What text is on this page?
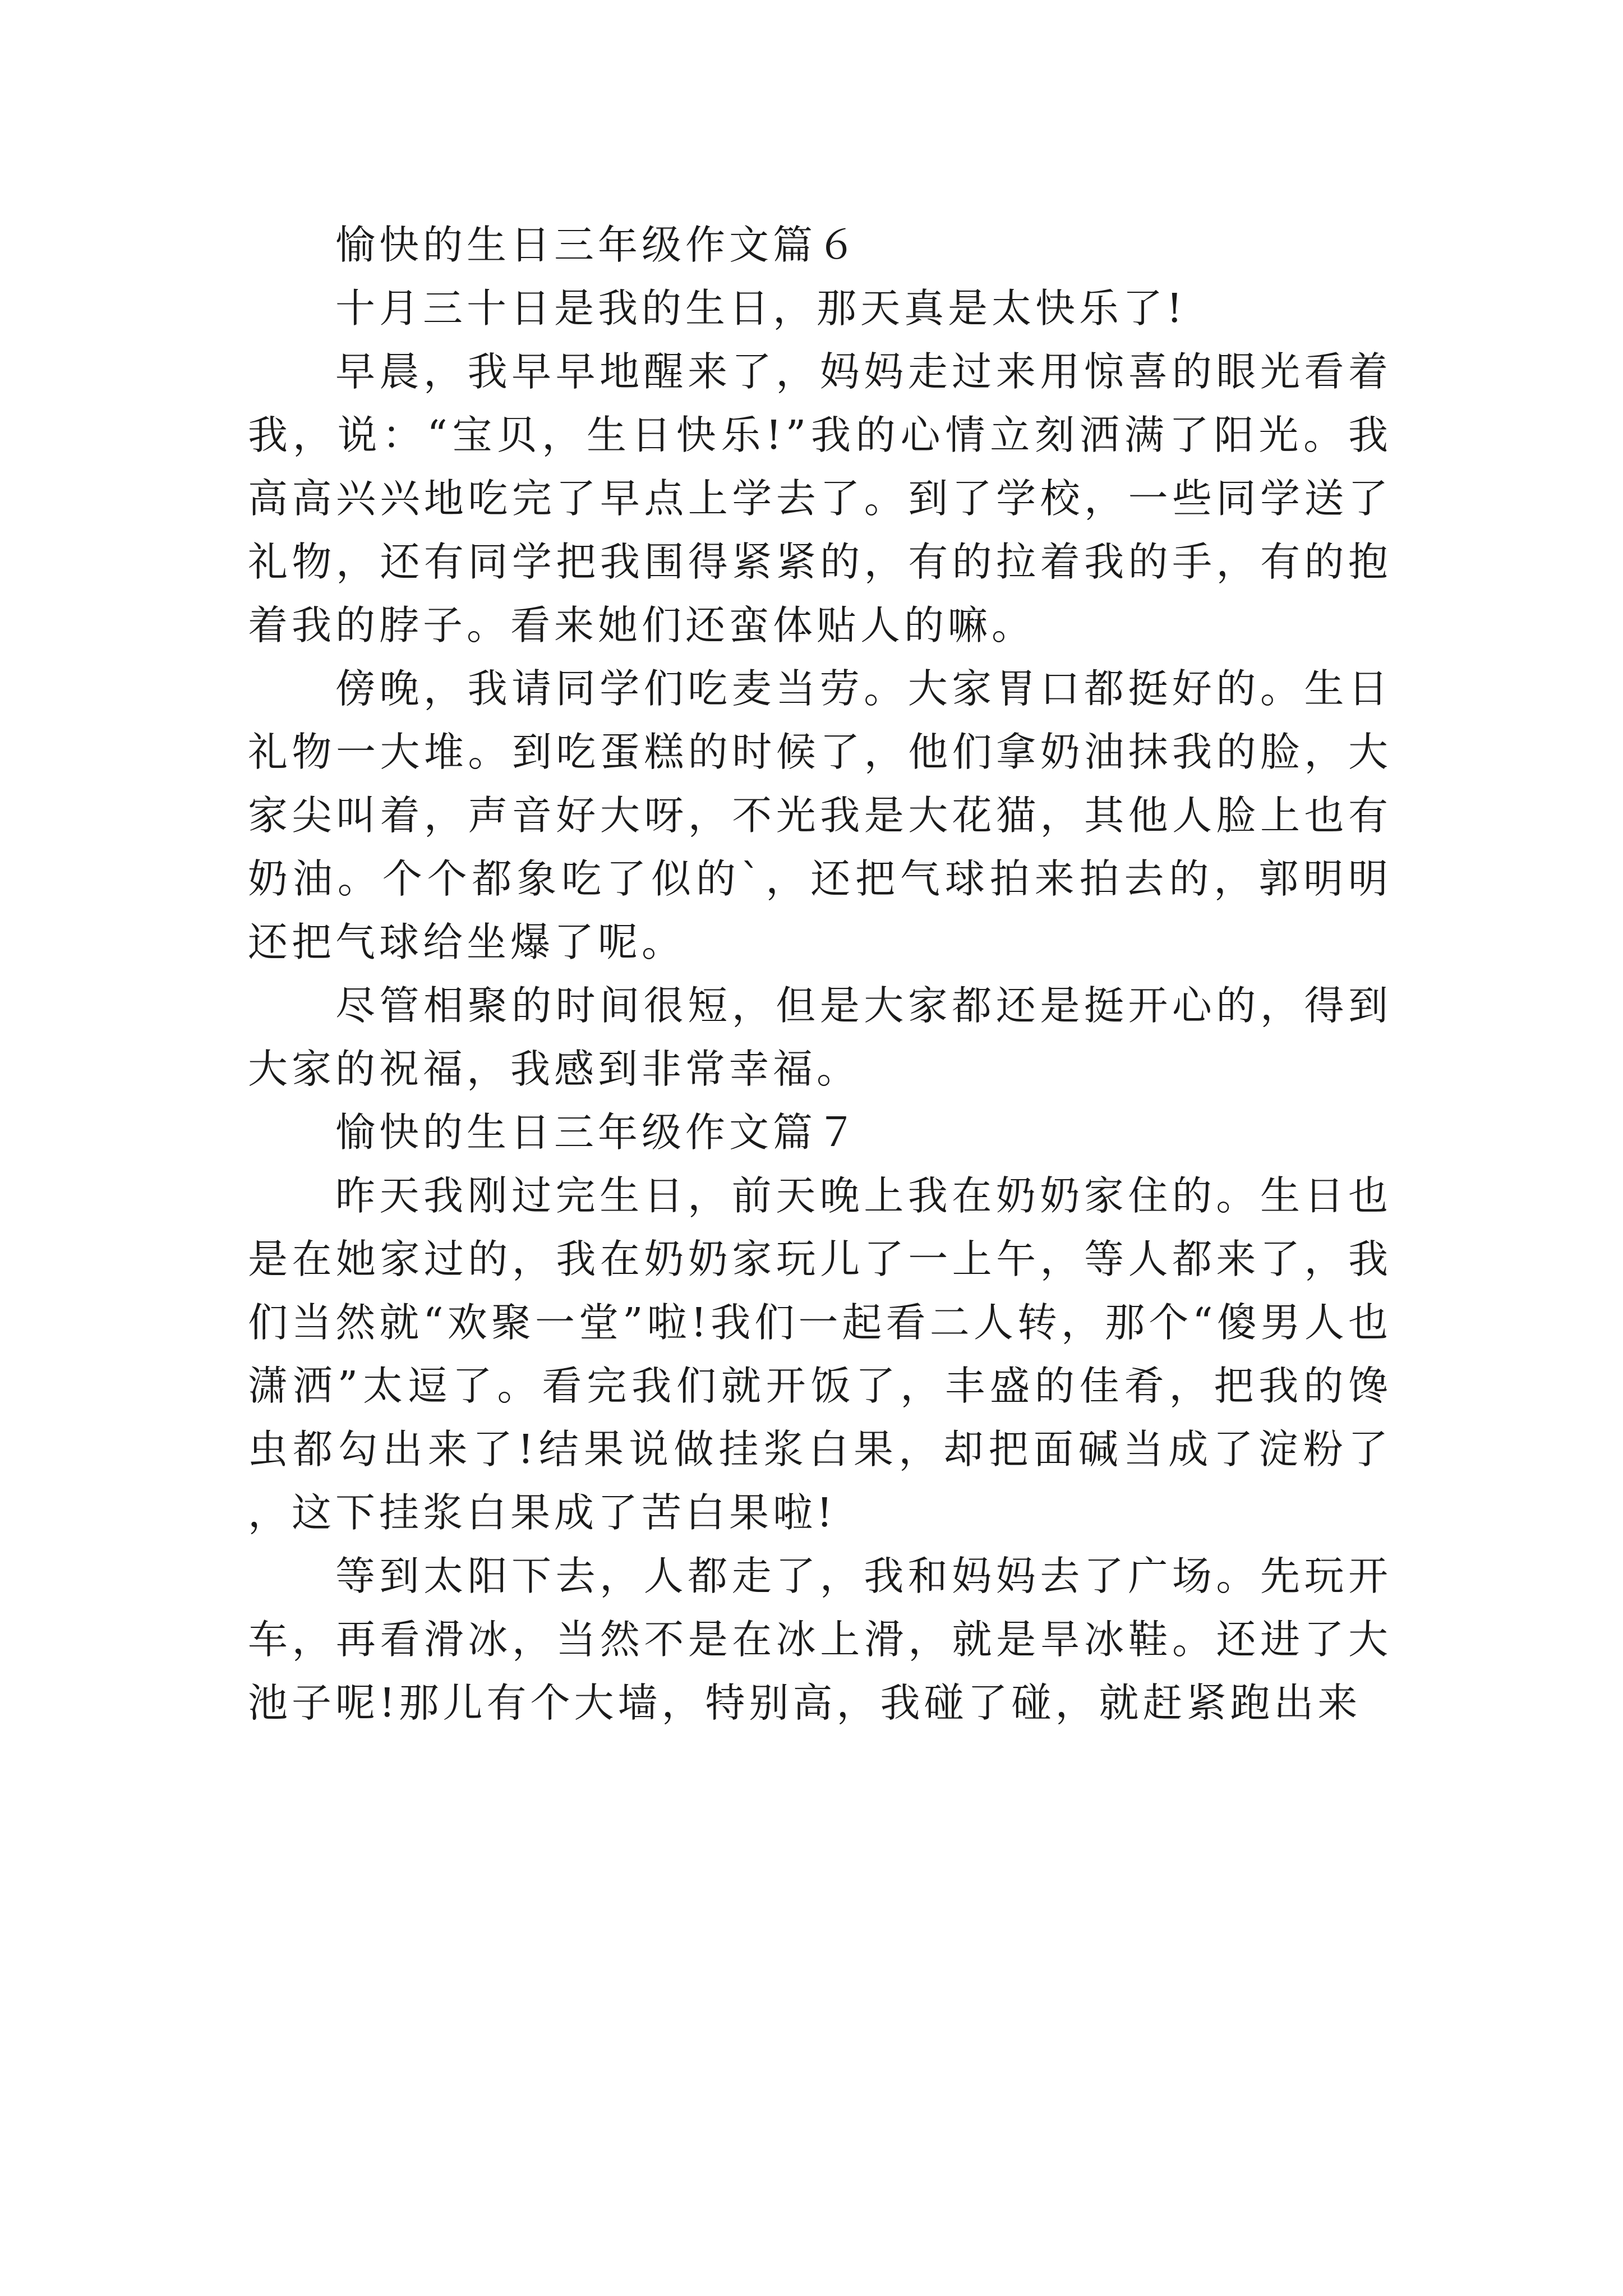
愉快的生日三年级作文篇６

十月三十日是我的生日，那天真是太快乐了!

早晨，我早早地醒来了，妈妈走过来用惊喜的眼光看着我，说：“宝贝，生日快乐!”我的心情立刻洒满了阳光。我高高兴兴地吃完了早点上学去了。到了学校，一些同学送了礼物，还有同学把我围得紧紧的，有的拉着我的手，有的抱着我的脖子。看来她们还蛮体贴人的嘛。

傍晚，我请同学们吃麦当劳。大家胃口都挺好的。生日礼物一大堆。到吃蛋糕的时候了，他们拿奶油抹我的脸，大家尖叫着，声音好大呀，不光我是大花猫，其他人脸上也有奶油。个个都象吃了似的`，还把气球拍来拍去的，郭明明还把气球给坐爆了呢。

尽管相聚的时间很短，但是大家都还是挺开心的，得到大家的祝福，我感到非常幸福。

愉快的生日三年级作文篇７

昨天我刚过完生日，前天晚上我在奶奶家住的。生日也是在她家过的，我在奶奶家玩儿了一上午，等人都来了，我们当然就“欢聚一堂”啦!我们一起看二人转，那个“傻男人也潇洒”太逗了。看完我们就开饭了，丰盛的佳肴，把我的馋虫都勾出来了!结果说做挂浆白果，却把面碱当成了淀粉了，这下挂浆白果成了苦白果啦!

等到太阳下去，人都走了，我和妈妈去了广场。先玩开车，再看滑冰，当然不是在冰上滑，就是旱冰鞋。还进了大池子呢!那儿有个大墙，特别高，我碰了碰，就赶紧跑出来
